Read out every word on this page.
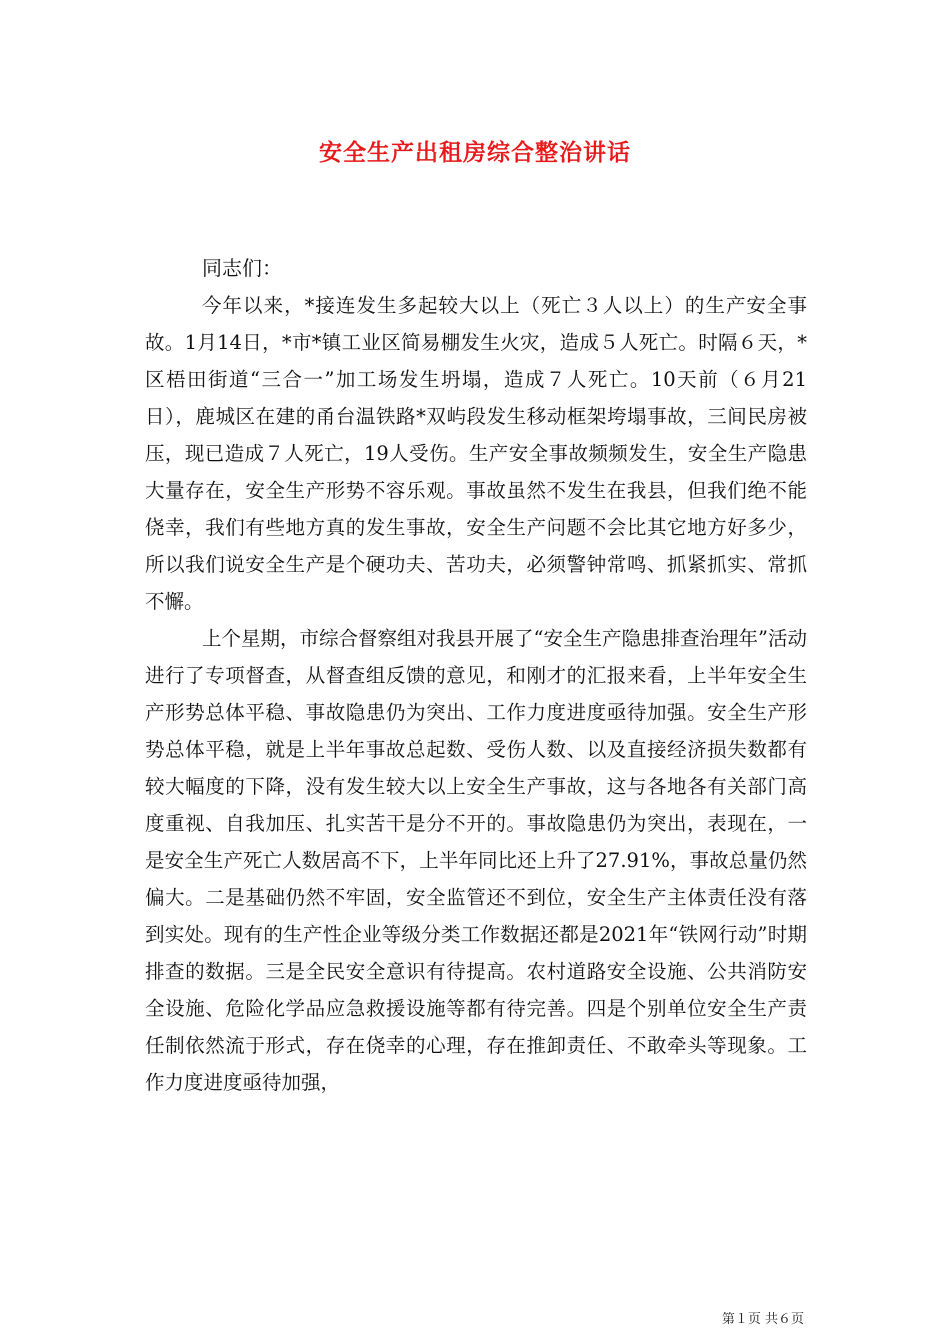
安全生产出租房综合整治讲话

同志们：

今年以来，*接连发生多起较大以上（死亡３人以上）的生产安全事故。1月14日，*市*镇工业区简易棚发生火灾，造成５人死亡。时隔６天，*区梧田街道“三合一”加工场发生坍塌，造成７人死亡。10天前（６月21日），鹿城区在建的甬台温铁路*双屿段发生移动框架垮塌事故，三间民房被压，现已造成７人死亡，19人受伤。生产安全事故频频发生，安全生产隐患大量存在，安全生产形势不容乐观。事故虽然不发生在我县，但我们绝不能侥幸，我们有些地方真的发生事故，安全生产问题不会比其它地方好多少，所以我们说安全生产是个硬功夫、苦功夫，必须警钟常鸣、抓紧抓实、常抓不懈。

上个星期，市综合督察组对我县开展了“安全生产隐患排查治理年”活动进行了专项督查，从督查组反馈的意见，和刚才的汇报来看，上半年安全生产形势总体平稳、事故隐患仍为突出、工作力度进度亟待加强。安全生产形势总体平稳，就是上半年事故总起数、受伤人数、以及直接经济损失数都有较大幅度的下降，没有发生较大以上安全生产事故，这与各地各有关部门高度重视、自我加压、扎实苦干是分不开的。事故隐患仍为突出，表现在，一是安全生产死亡人数居高不下，上半年同比还上升了27.91%，事故总量仍然偏大。二是基础仍然不牢固，安全监管还不到位，安全生产主体责任没有落到实处。现有的生产性企业等级分类工作数据还都是2021年“铁网行动”时期排查的数据。三是全民安全意识有待提高。农村道路安全设施、公共消防安全设施、危险化学品应急救援设施等都有待完善。四是个别单位安全生产责任制依然流于形式，存在侥幸的心理，存在推卸责任、不敢牵头等现象。工作力度进度亟待加强，

第１页 共６页
